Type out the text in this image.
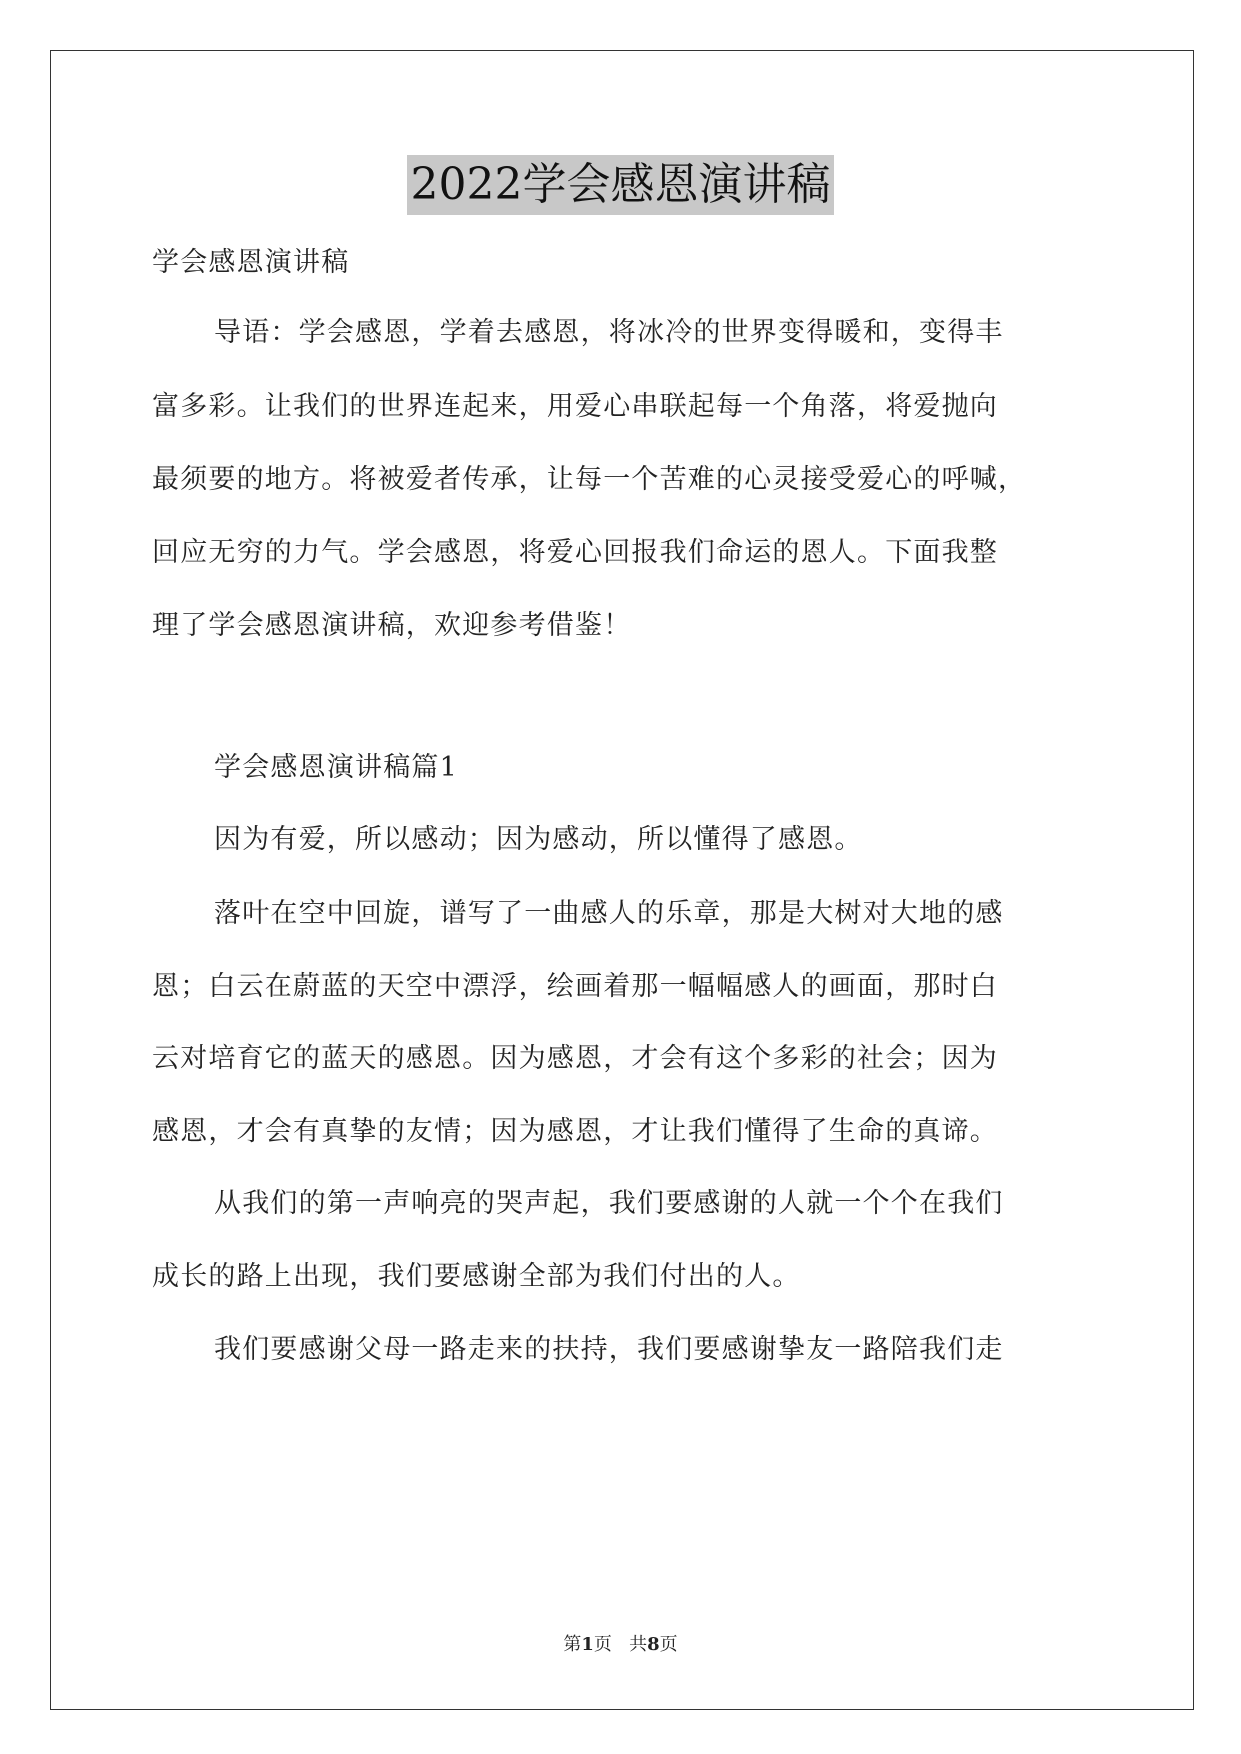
2022学会感恩演讲稿
学会感恩演讲稿
导语：学会感恩，学着去感恩，将冰冷的世界变得暖和，变得丰
富多彩。让我们的世界连起来，用爱心串联起每一个角落，将爱抛向
最须要的地方。将被爱者传承，让每一个苦难的心灵接受爱心的呼喊，
回应无穷的力气。学会感恩，将爱心回报我们命运的恩人。下面我整
理了学会感恩演讲稿，欢迎参考借鉴！
学会感恩演讲稿篇1
因为有爱，所以感动；因为感动，所以懂得了感恩。
落叶在空中回旋，谱写了一曲感人的乐章，那是大树对大地的感
恩；白云在蔚蓝的天空中漂浮，绘画着那一幅幅感人的画面，那时白
云对培育它的蓝天的感恩。因为感恩，才会有这个多彩的社会；因为
感恩，才会有真挚的友情；因为感恩，才让我们懂得了生命的真谛。
从我们的第一声响亮的哭声起，我们要感谢的人就一个个在我们
成长的路上出现，我们要感谢全部为我们付出的人。
我们要感谢父母一路走来的扶持，我们要感谢挚友一路陪我们走
第1页   共8页
